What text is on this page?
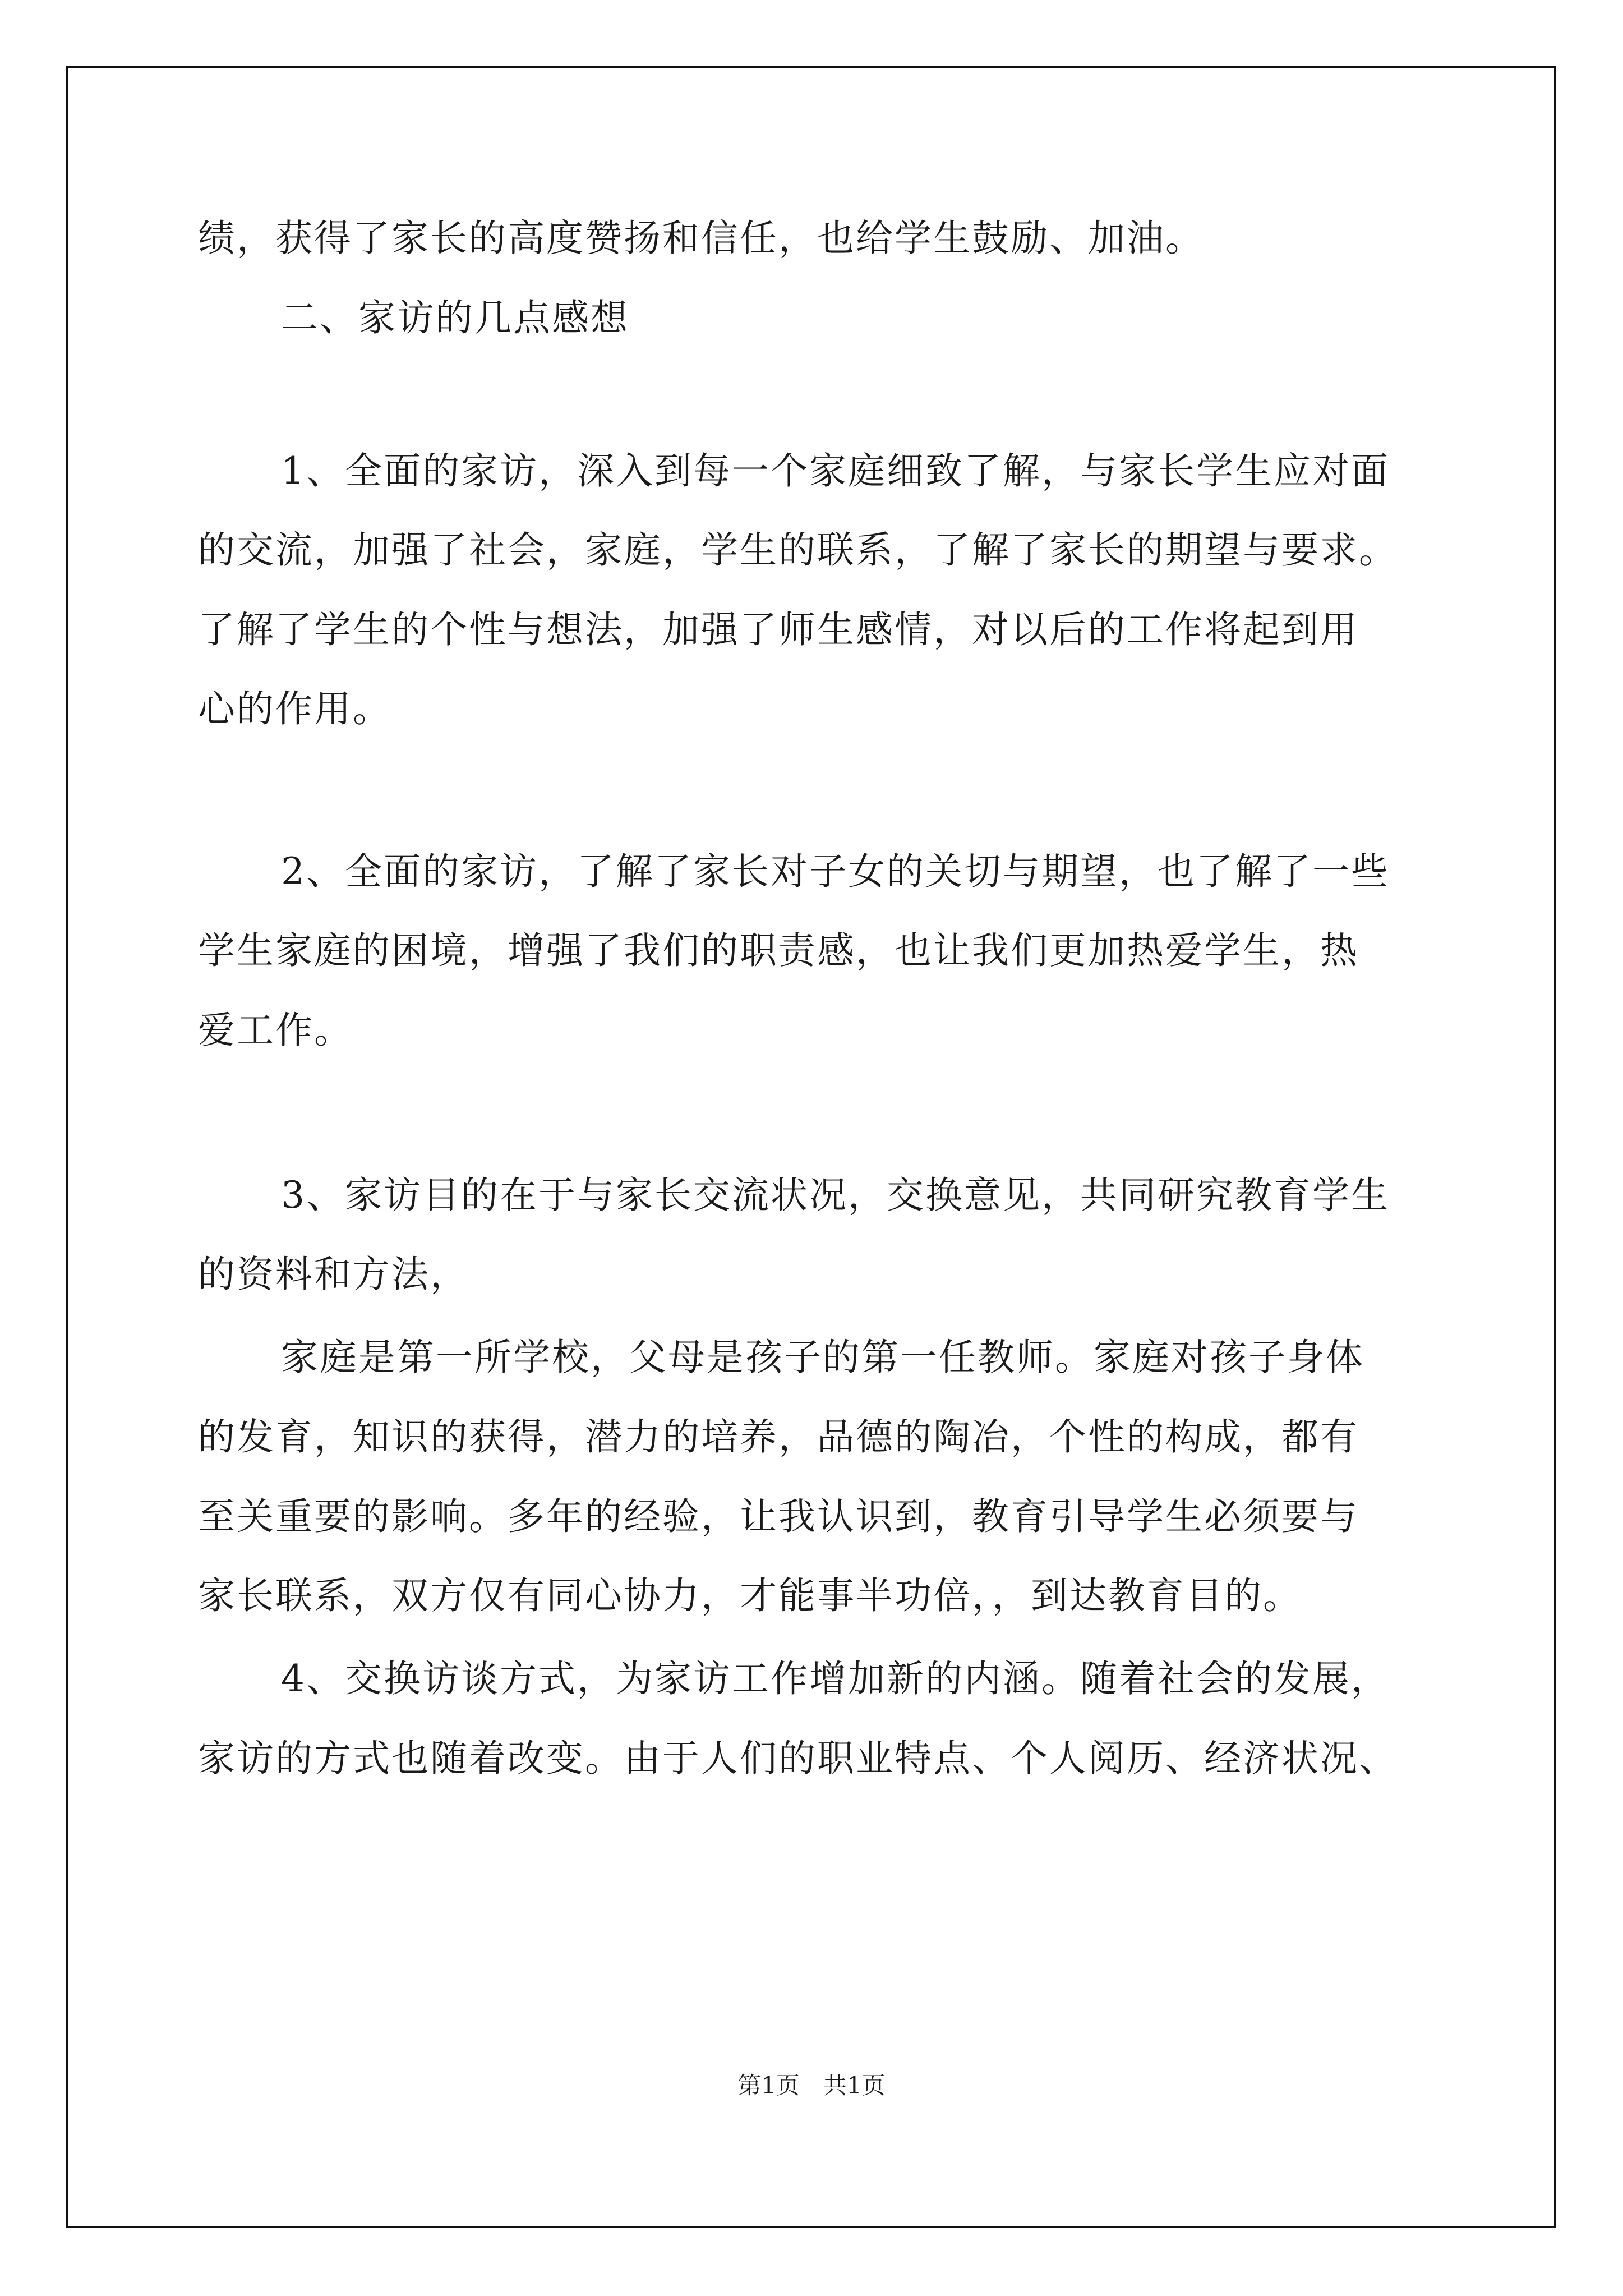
绩，获得了家长的高度赞扬和信任，也给学生鼓励、加油。
二、家访的几点感想
1、全面的家访，深入到每一个家庭细致了解，与家长学生应对面
的交流，加强了社会，家庭，学生的联系，了解了家长的期望与要求。
了解了学生的个性与想法，加强了师生感情，对以后的工作将起到用
心的作用。
2、全面的家访，了解了家长对子女的关切与期望，也了解了一些
学生家庭的困境，增强了我们的职责感，也让我们更加热爱学生，热
爱工作。
3、家访目的在于与家长交流状况，交换意见，共同研究教育学生
的资料和方法，
家庭是第一所学校，父母是孩子的第一任教师。家庭对孩子身体
的发育，知识的获得，潜力的培养，品德的陶冶，个性的构成，都有
至关重要的影响。多年的经验，让我认识到，教育引导学生必须要与
家长联系，双方仅有同心协力，才能事半功倍，，到达教育目的。
4、交换访谈方式，为家访工作增加新的内涵。随着社会的发展，
家访的方式也随着改变。由于人们的职业特点、个人阅历、经济状况、
第1页 共1页
